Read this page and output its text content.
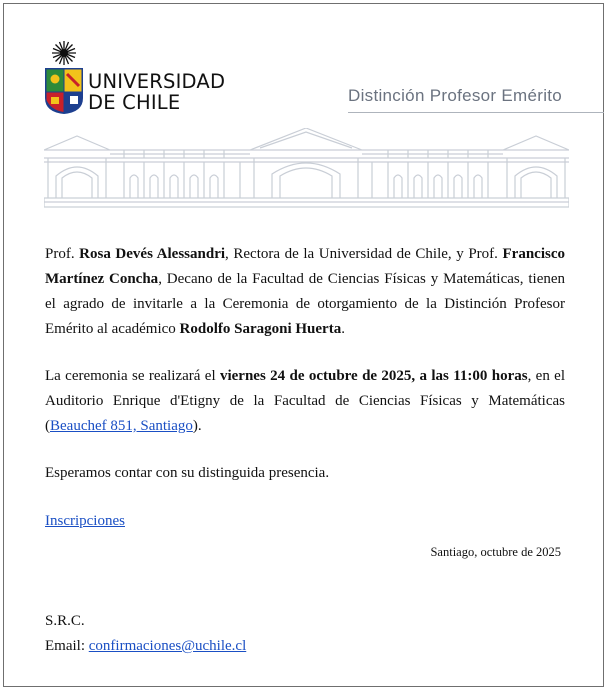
UNIVERSIDAD
DE CHILE	Distinción Profesor Emérito
Prof. Rosa Devés Alessandri, Rectora de la Universidad de Chile, y Prof. Francisco Martínez Concha, Decano de la Facultad de Ciencias Físicas y Matemáticas, tienen el agrado de invitarle a la Ceremonia de otorgamiento de la Distinción Profesor Emérito al académico Rodolfo Saragoni Huerta.
La ceremonia se realizará el viernes 24 de octubre de 2025, a las 11:00 horas, en el Auditorio Enrique d'Etigny de la Facultad de Ciencias Físicas y Matemáticas (Beauchef 851, Santiago).
Esperamos contar con su distinguida presencia.
Inscripciones
Santiago, octubre de 2025
S.R.C.
Email: confirmaciones@uchile.cl
